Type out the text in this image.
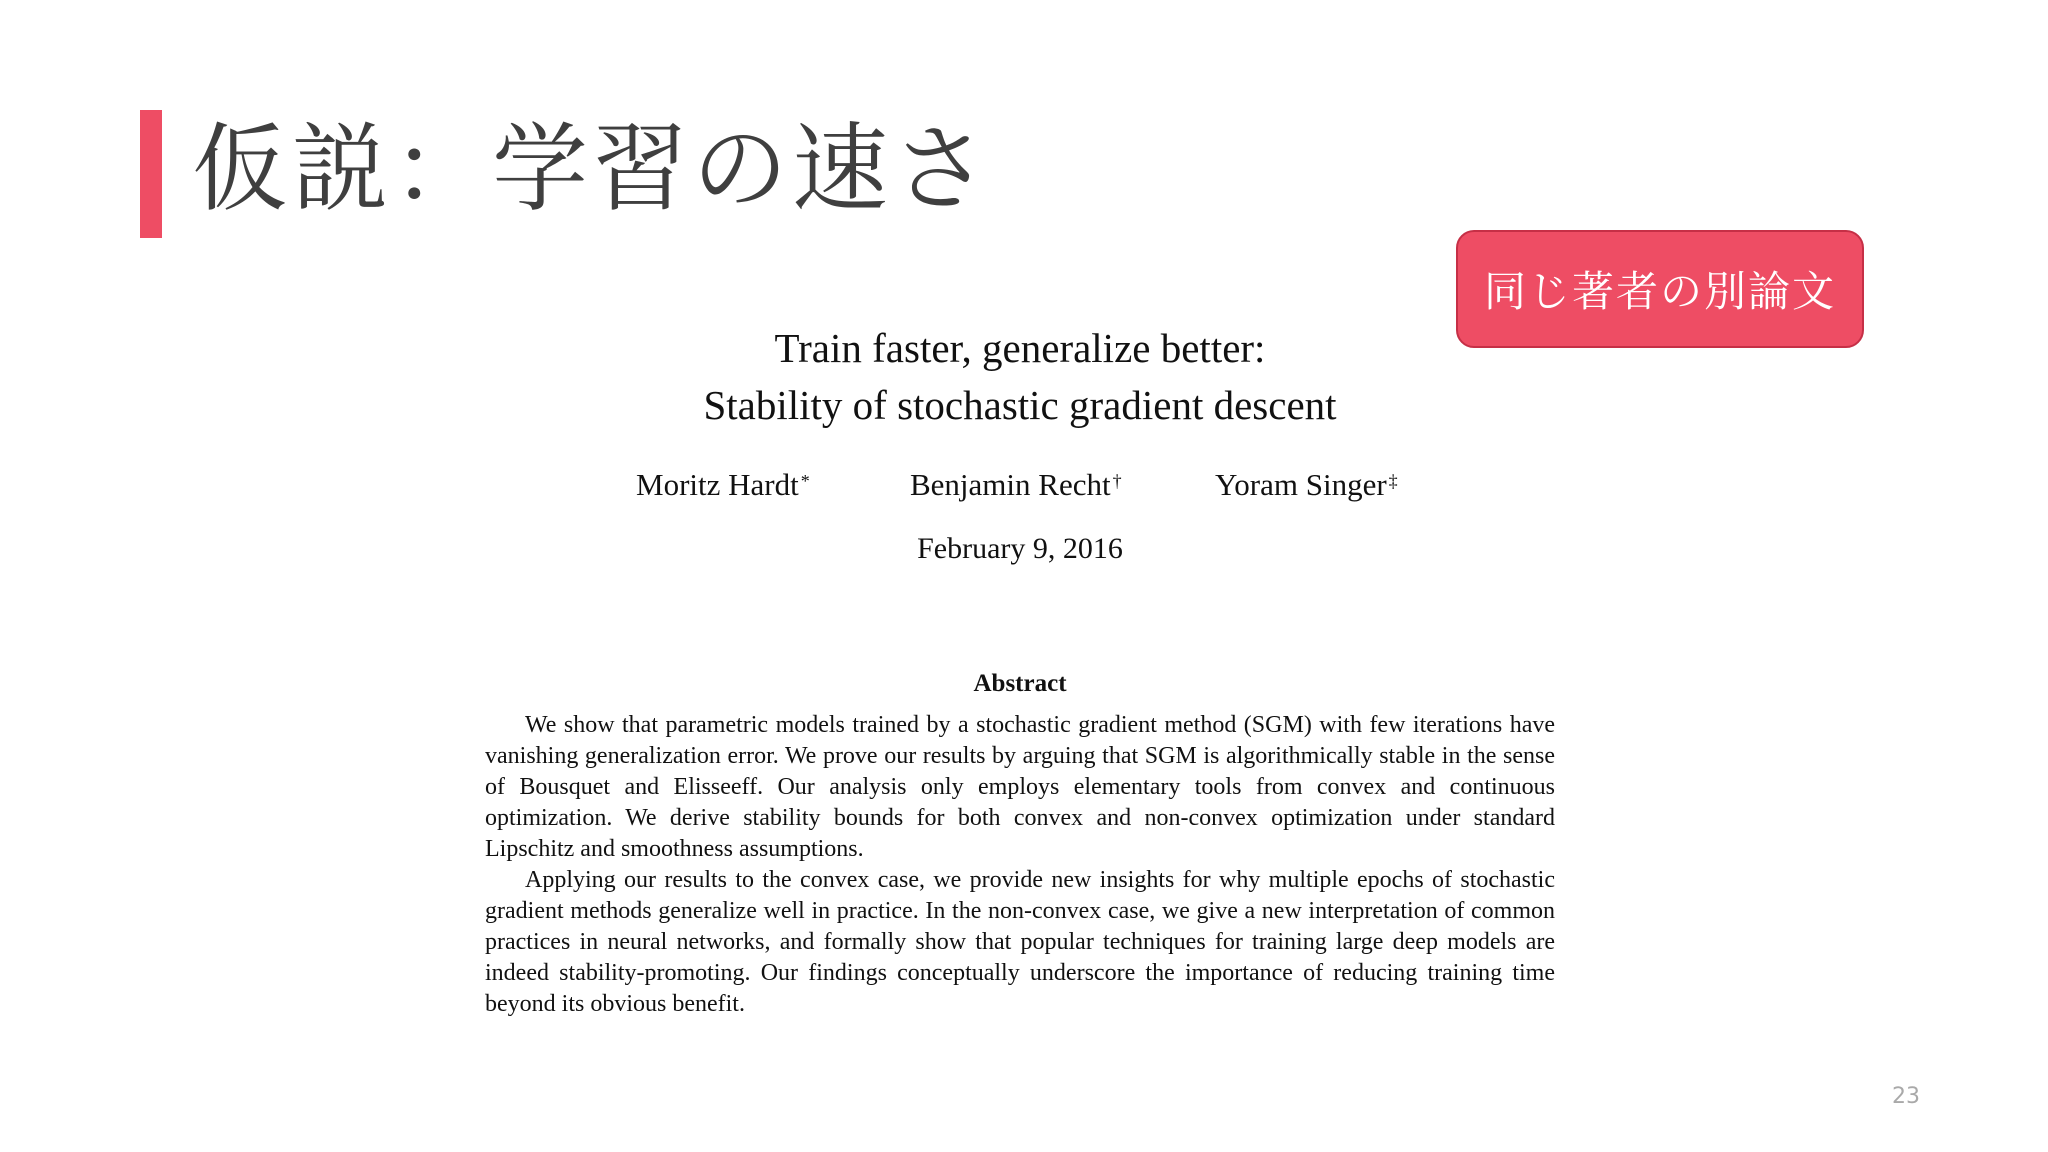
仮説：学習の速さ
同じ著者の別論文
Train faster, generalize better:
Stability of stochastic gradient descent
Moritz Hardt *	Benjamin Recht †	Yoram Singer ‡
February 9, 2016
Abstract

We show that parametric models trained by a stochastic gradient method (SGM) with few iterations have vanishing generalization error. We prove our results by arguing that SGM is algorithmically stable in the sense of Bousquet and Elisseeff. Our analysis only employs elementary tools from convex and continuous optimization. We derive stability bounds for both convex and non-convex optimization under standard Lipschitz and smoothness assumptions.

Applying our results to the convex case, we provide new insights for why multiple epochs of stochastic gradient methods generalize well in practice. In the non-convex case, we give a new interpretation of common practices in neural networks, and formally show that popular techniques for training large deep models are indeed stability-promoting. Our findings conceptually underscore the importance of reducing training time beyond its obvious benefit.

23
